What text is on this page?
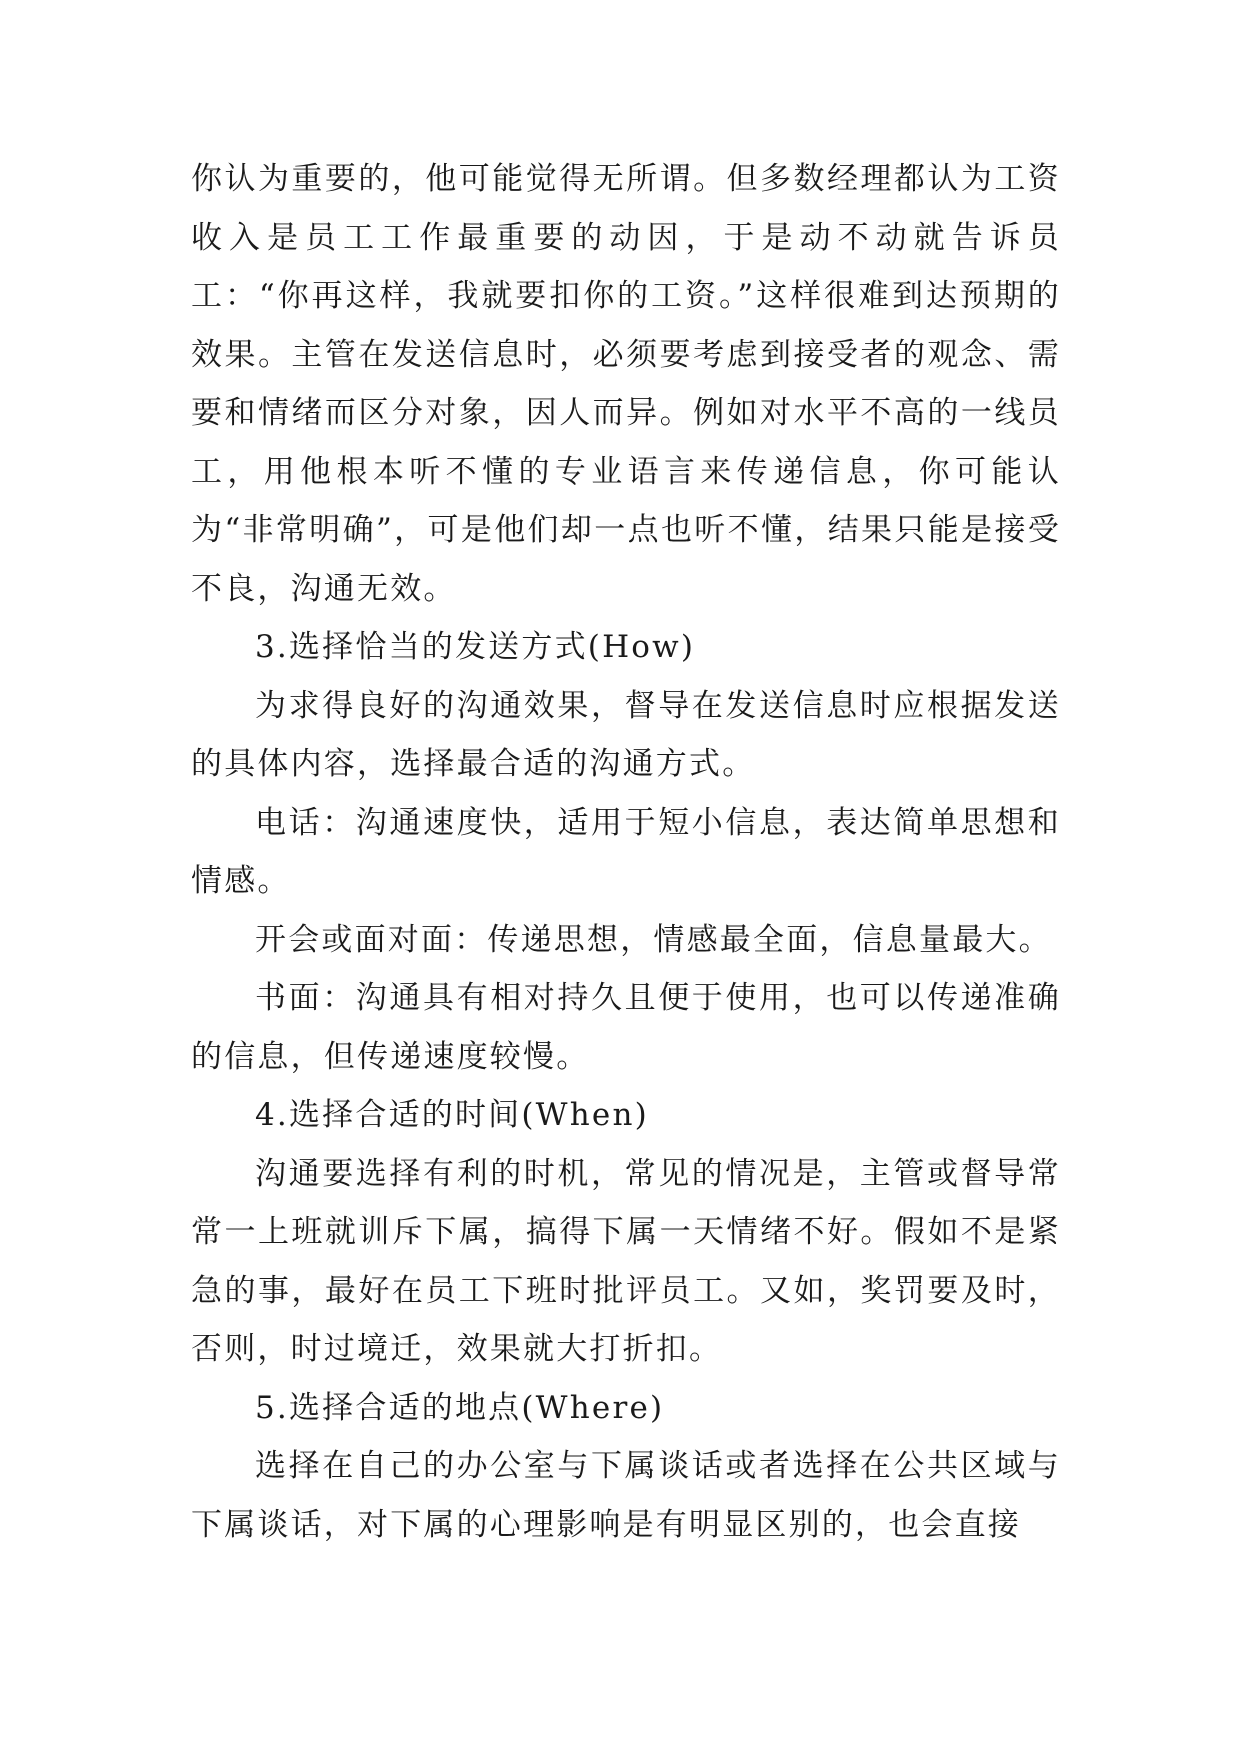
你认为重要的，他可能觉得无所谓。但多数经理都认为工资收入是员工工作最重要的动因，于是动不动就告诉员工：“你再这样，我就要扣你的工资。”这样很难到达预期的效果。主管在发送信息时，必须要考虑到接受者的观念、需要和情绪而区分对象，因人而异。例如对水平不高的一线员工，用他根本听不懂的专业语言来传递信息，你可能认为“非常明确”，可是他们却一点也听不懂，结果只能是接受不良，沟通无效。

3.选择恰当的发送方式(How)

为求得良好的沟通效果，督导在发送信息时应根据发送的具体内容，选择最合适的沟通方式。

电话：沟通速度快，适用于短小信息，表达简单思想和情感。

开会或面对面：传递思想，情感最全面，信息量最大。

书面：沟通具有相对持久且便于使用，也可以传递准确的信息，但传递速度较慢。

4.选择合适的时间(When)

沟通要选择有利的时机，常见的情况是，主管或督导常常一上班就训斥下属，搞得下属一天情绪不好。假如不是紧急的事，最好在员工下班时批评员工。又如，奖罚要及时，否则，时过境迁，效果就大打折扣。

5.选择合适的地点(Where)

选择在自己的办公室与下属谈话或者选择在公共区域与下属谈话，对下属的心理影响是有明显区别的，也会直接
